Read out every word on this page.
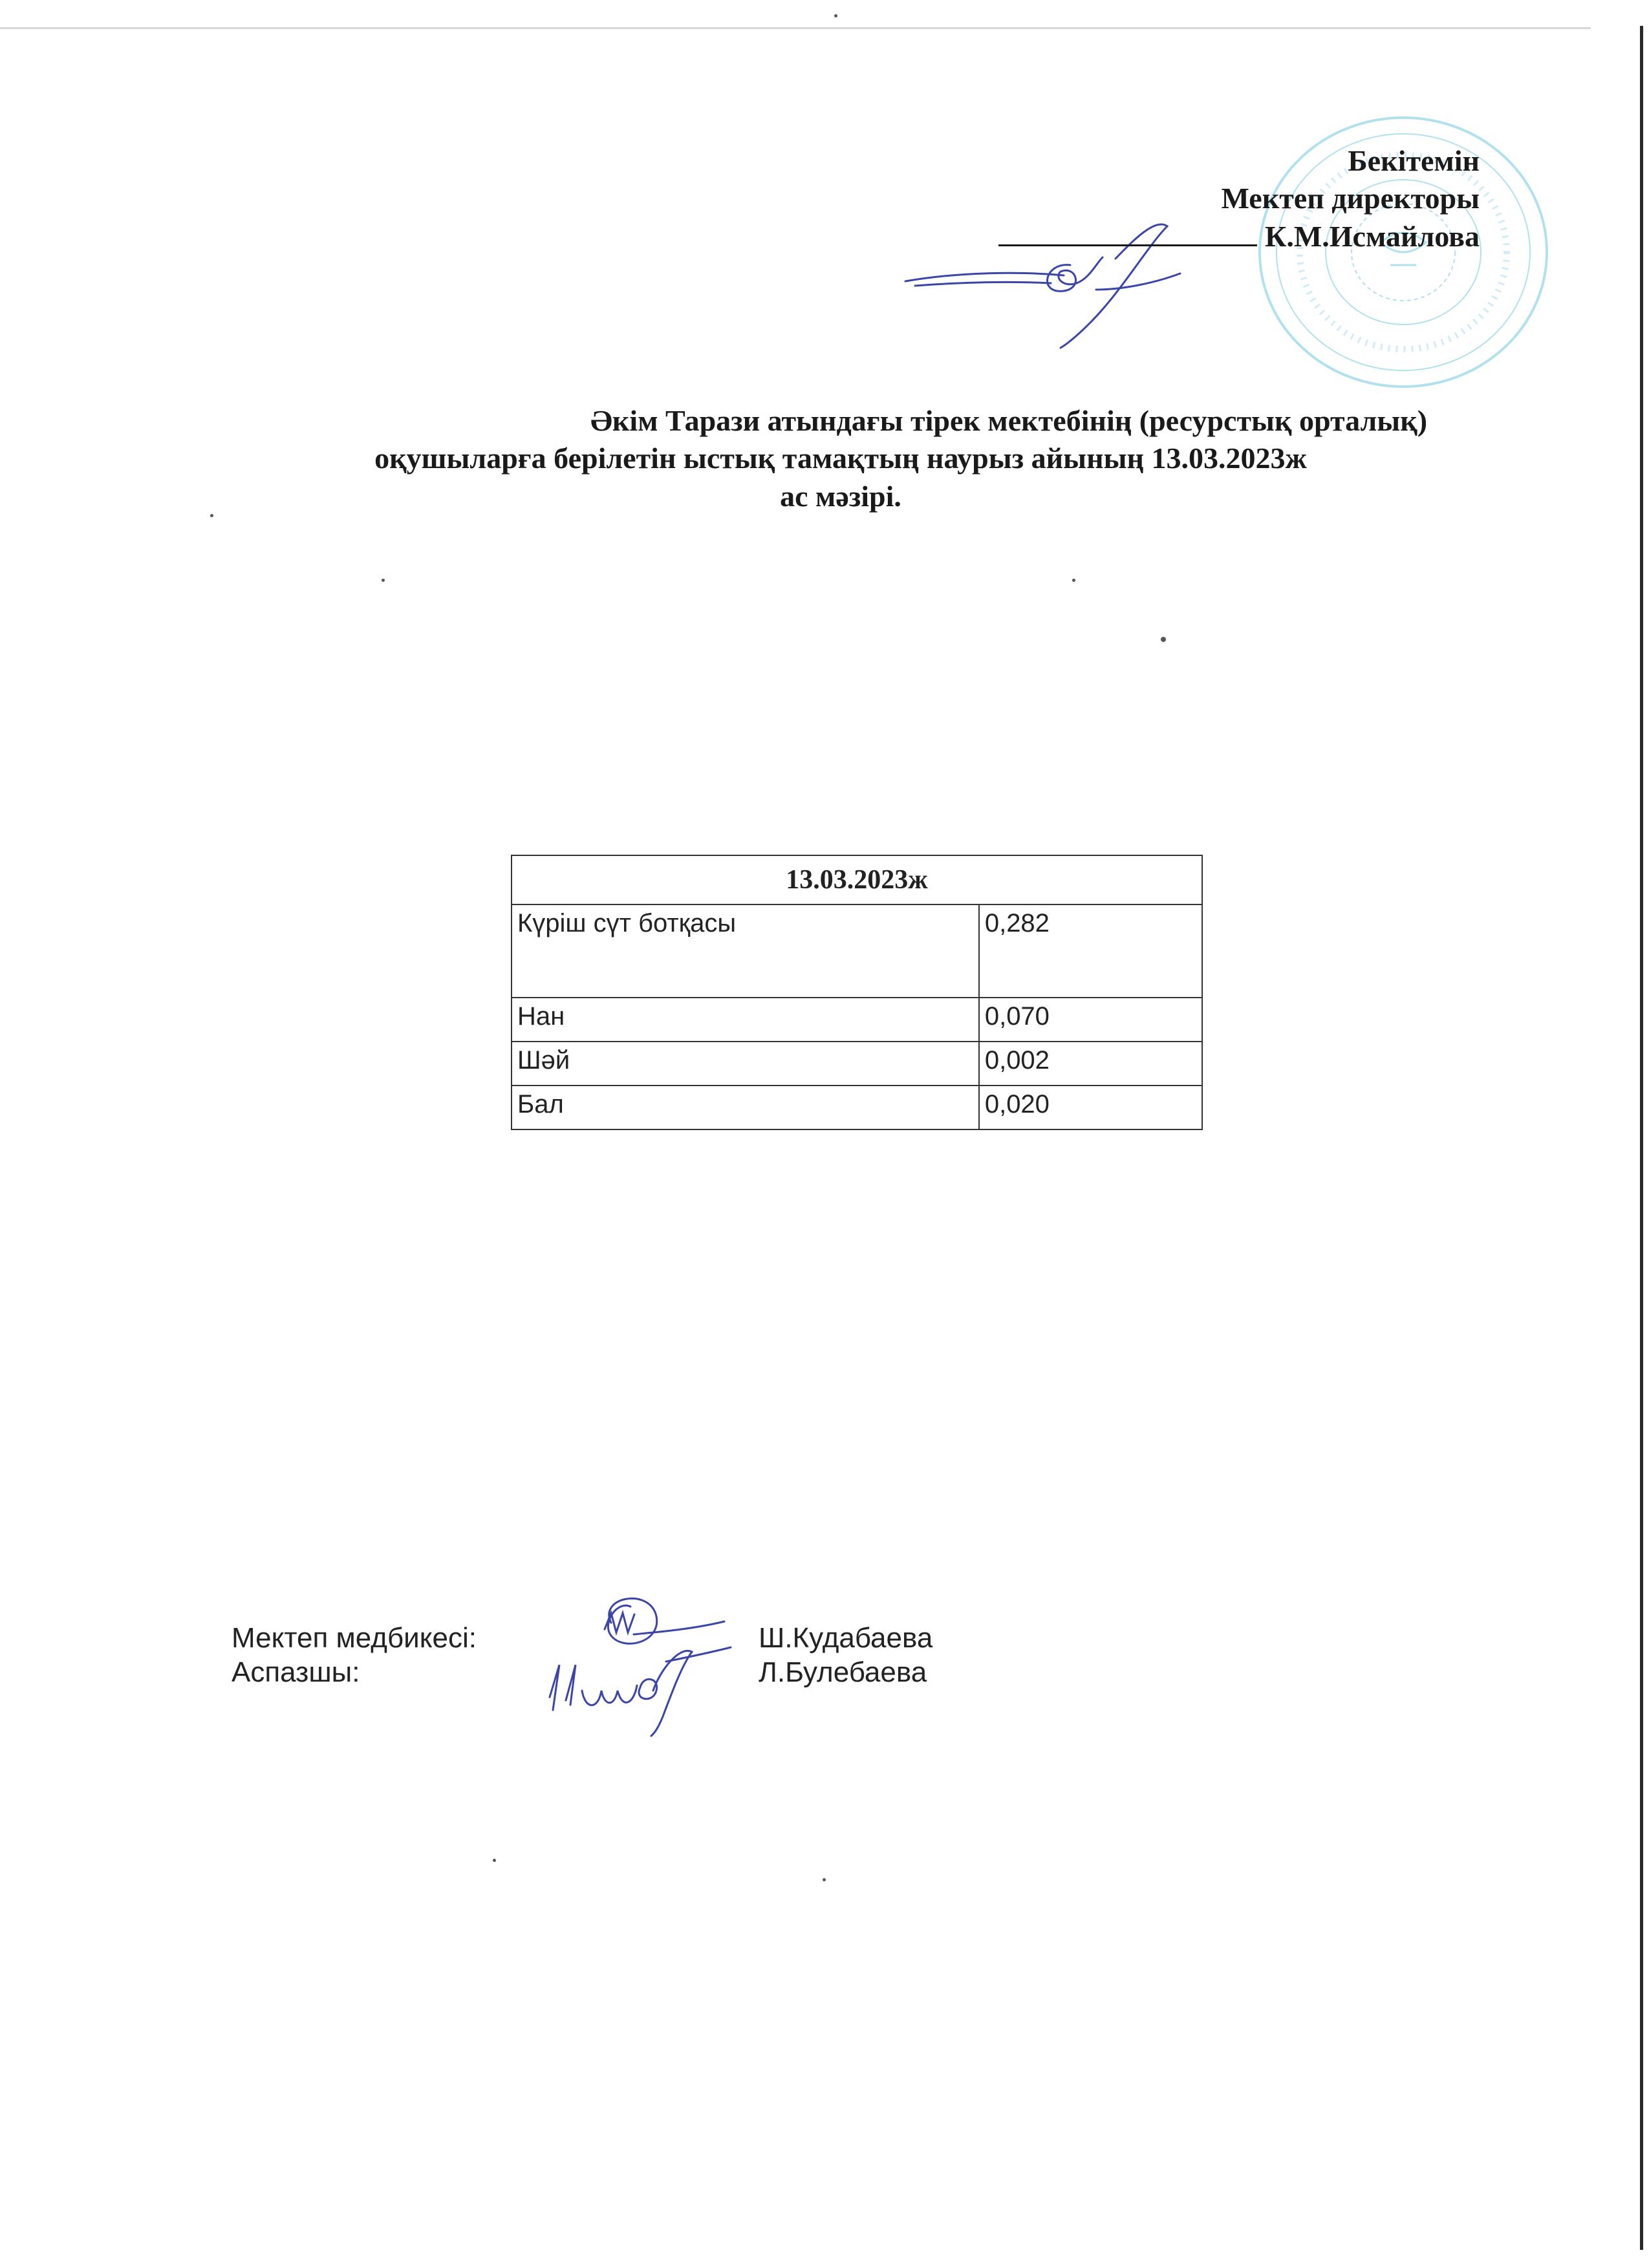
Бекітемін
Мектеп директоры
К.М.Исмайлова
Әкім Тарази атындағы тірек мектебінің (ресурстық орталық)
оқушыларға берілетін ыстық тамақтың наурыз айының 13.03.2023ж
ас мәзірі.
13.03.2023ж	
Күріш сүт ботқасы	0,282
Нан	0,070
Шәй	0,002
Бал	0,020
Мектеп медбикесі:	Ш.Кудабаева
Аспазшы:	Л.Булебаева
